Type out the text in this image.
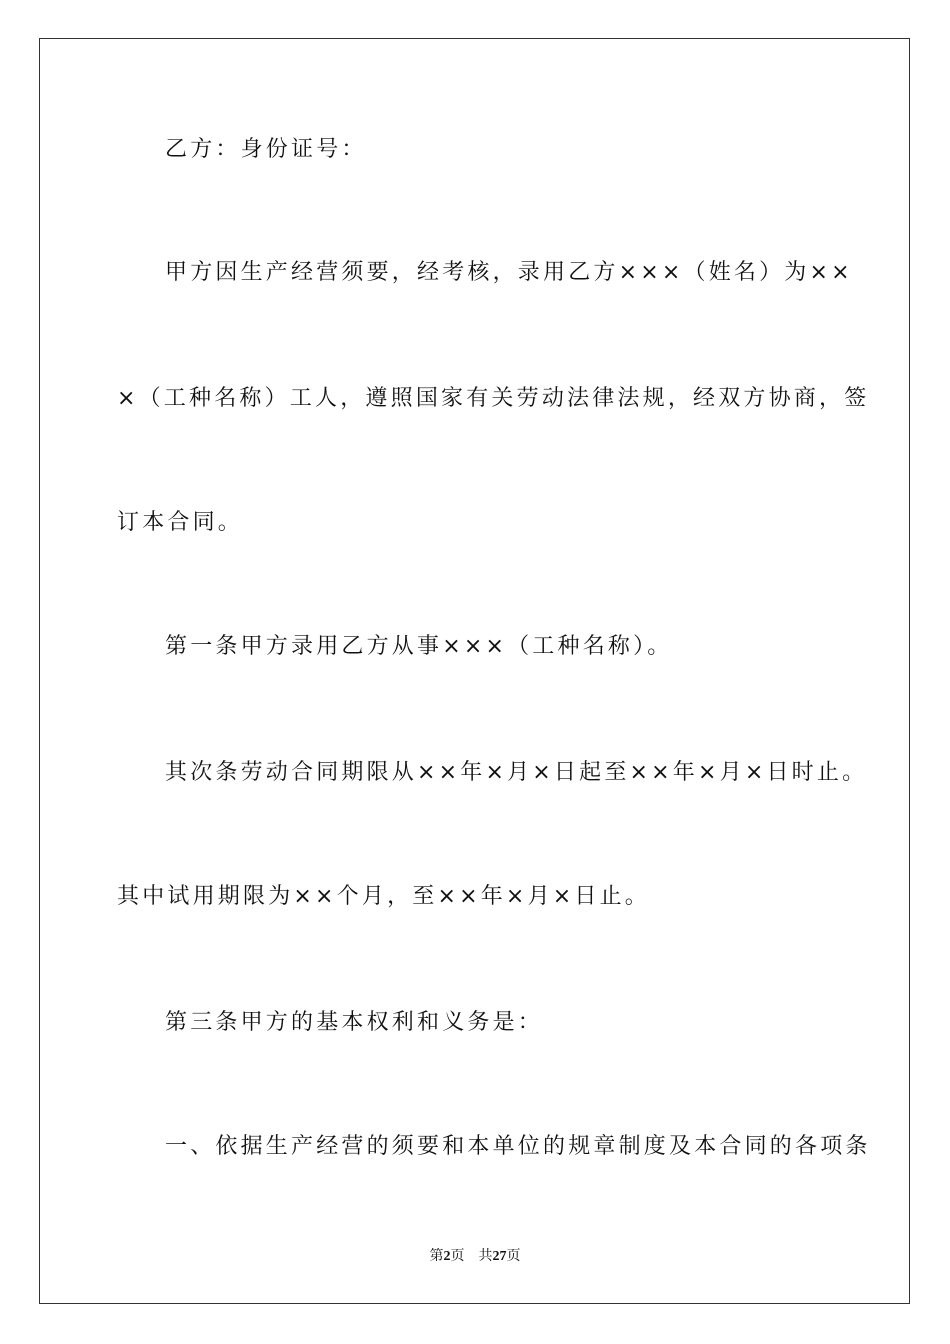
乙方：身份证号：
甲方因生产经营须要，经考核，录用乙方×××（姓名）为××
×（工种名称）工人，遵照国家有关劳动法律法规，经双方协商，签
订本合同。
第一条甲方录用乙方从事×××（工种名称）。
其次条劳动合同期限从××年×月×日起至××年×月×日时止。
其中试用期限为××个月，至××年×月×日止。
第三条甲方的基本权利和义务是：
一、依据生产经营的须要和本单位的规章制度及本合同的各项条
第2页 共27页
